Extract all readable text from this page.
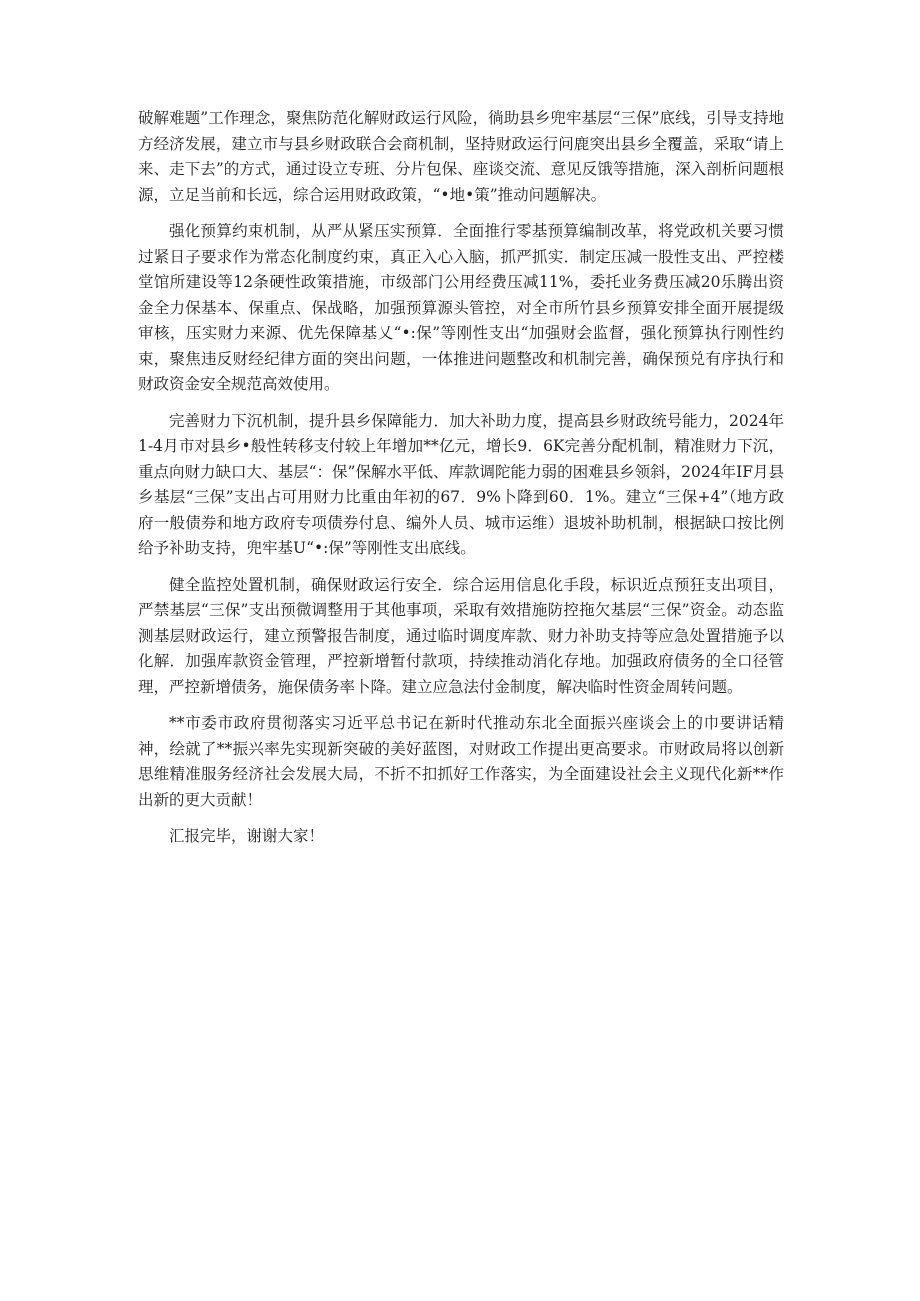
破解难题”工作理念，聚焦防范化解财政运行风险，徜助县乡兜牢基层“三保”底线，引导支持地方经济发展，建立市与县乡财政联合会商机制，坚持财政运行问鹿突出县乡全覆盖，采取“请上来、走下去”的方式，通过设立专班、分片包保、座谈交流、意见反饿等措施，深入剖析问题根源，立足当前和长远，综合运用财政政策，“•地•策”推动问题解决。

强化预算约束机制，从严从紧压实预算．全面推行零基预算编制改革，将党政机关要习惯过紧日子要求作为常态化制度约束，真正入心入脑，抓严抓实．制定压减一股性支出、严控楼堂馆所建设等12条硬性政策措施，市级部门公用经费压减11%，委托业务费压减20乐腾出资金全力保基本、保重点、保战略，加强预算源头管控，对全市所竹县乡预算安排全面开展提级审核，压实财力来源、优先保障基乂“•:保”等刚性支出“加强财会监督，强化预算执行刚性约束，聚焦违反财经纪律方面的突出问题，一体推进问题整改和机制完善，确保预兑有序执行和财政资金安全规范高效使用。

完善财力下沉机制，提升县乡保障能力．加大补助力度，提高县乡财政统号能力，2024年1-4月市对县乡•般性转移支付较上年增加**亿元，增长9．6K完善分配机制，精准财力下沉，重点向财力缺口大、基层“：保”保解水平低、库款调陀能力弱的困难县乡领斜，2024年IF月县乡基层“三保”支出占可用财力比重由年初的67．9%卜降到60．1%。建立“三保+4”（地方政府一般债券和地方政府专项债券付息、编外人员、城市运维）退坡补助机制，根据缺口按比例给予补助支持，兜牢基U“•:保”等刚性支出底线。

健全监控处置机制，确保财政运行安全．综合运用信息化手段，标识近点预狂支出项目，严禁基层“三保”支出预微调整用于其他事项，采取有效措施防控拖欠基层“三保”资金。动态监测基层财政运行，建立预警报告制度，通过临时调度库款、财力补助支持等应急处置措施予以化解．加强库款资金管理，严控新增暂付款项，持续推动消化存地。加强政府债务的全口径管理，严控新增债务，施保债务率卜降。建立应急法付金制度，解决临时性资金周转问题。

**市委市政府贯彻落实习近平总书记在新时代推动东北全面振兴座谈会上的巾要讲话精神，绘就了**振兴率先实现新突破的美好蓝图，对财政工作提出更高要求。市财政局将以创新思维精准服务经济社会发展大局，不折不扣抓好工作落实，为全面建设社会主义现代化新**作出新的更大贡献！

汇报完毕，谢谢大家！
